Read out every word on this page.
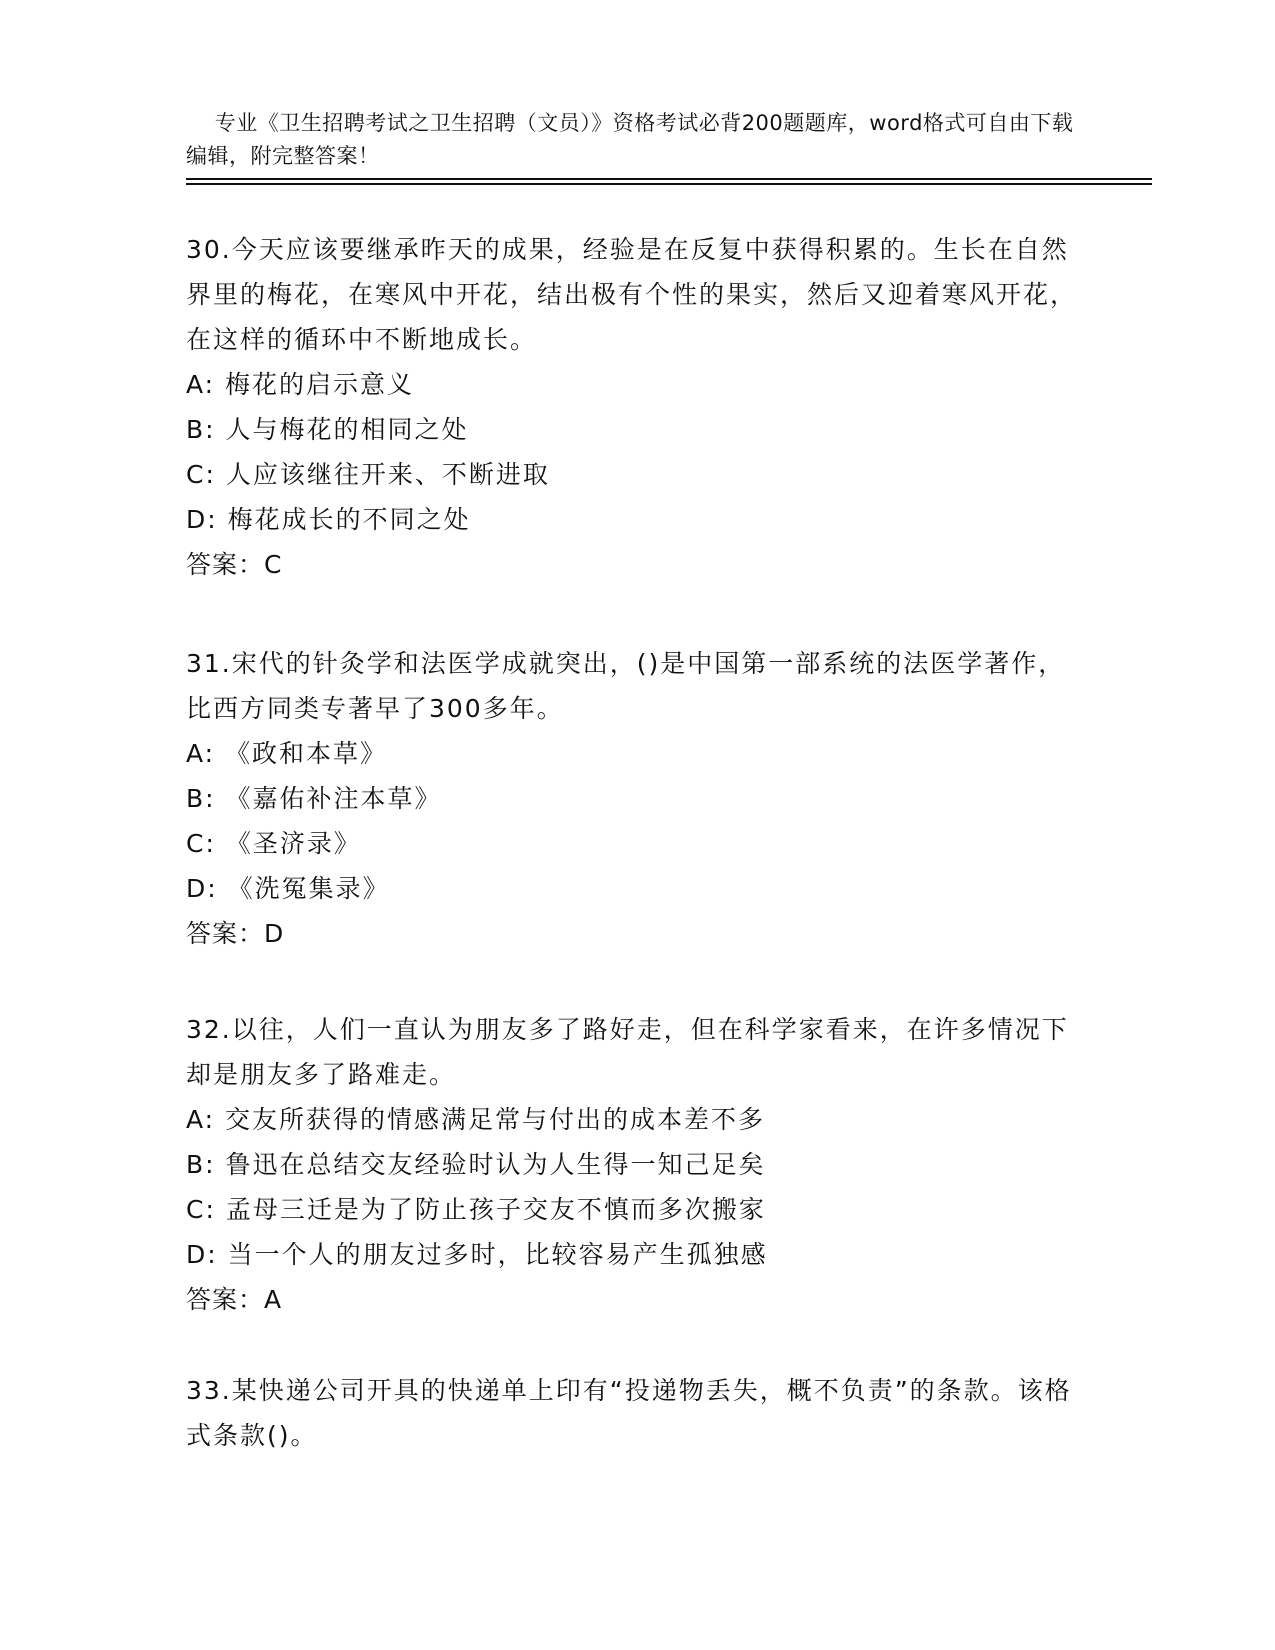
专业《卫生招聘考试之卫生招聘（文员）》资格考试必背200题题库，word格式可自由下载编辑，附完整答案！

30.今天应该要继承昨天的成果，经验是在反复中获得积累的。生长在自然界里的梅花，在寒风中开花，结出极有个性的果实，然后又迎着寒风开花，在这样的循环中不断地成长。

A: 梅花的启示意义

B: 人与梅花的相同之处

C: 人应该继往开来、不断进取

D: 梅花成长的不同之处

答案：C

31.宋代的针灸学和法医学成就突出，()是中国第一部系统的法医学著作，比西方同类专著早了300多年。

A: 《政和本草》

B: 《嘉佑补注本草》

C: 《圣济录》

D: 《洗冤集录》

答案：D

32.以往，人们一直认为朋友多了路好走，但在科学家看来，在许多情况下却是朋友多了路难走。

A: 交友所获得的情感满足常与付出的成本差不多

B: 鲁迅在总结交友经验时认为人生得一知己足矣

C: 孟母三迁是为了防止孩子交友不慎而多次搬家

D: 当一个人的朋友过多时，比较容易产生孤独感

答案：A

33.某快递公司开具的快递单上印有“投递物丢失，概不负责”的条款。该格式条款()。
